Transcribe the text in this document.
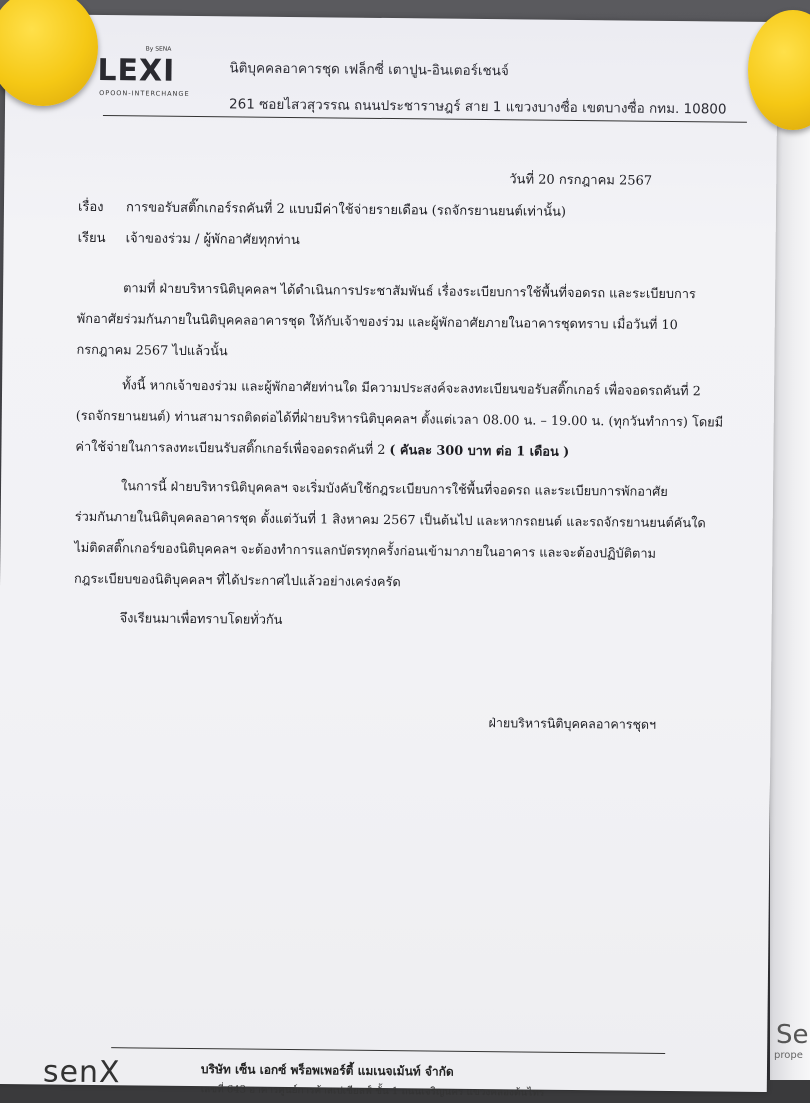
Se
prope
By SENA
LEXI
OPOON-INTERCHANGE
นิติบุคคลอาคารชุด เฟล็กซี่ เตาปูน-อินเตอร์เชนจ์
261 ซอยไสวสุวรรณ ถนนประชาราษฎร์ สาย 1 แขวงบางซื่อ เขตบางซื่อ กทม. 10800
วันที่ 20 กรกฎาคม 2567
เรื่อง การขอรับสติ๊กเกอร์รถคันที่ 2 แบบมีค่าใช้จ่ายรายเดือน (รถจักรยานยนต์เท่านั้น)
เรียน เจ้าของร่วม / ผู้พักอาศัยทุกท่าน
ตามที่ ฝ่ายบริหารนิติบุคคลฯ ได้ดำเนินการประชาสัมพันธ์ เรื่องระเบียบการใช้พื้นที่จอดรถ และระเบียบการ
พักอาศัยร่วมกันภายในนิติบุคคลอาคารชุด ให้กับเจ้าของร่วม และผู้พักอาศัยภายในอาคารชุดทราบ เมื่อวันที่ 10
กรกฎาคม 2567 ไปแล้วนั้น
ทั้งนี้ หากเจ้าของร่วม และผู้พักอาศัยท่านใด มีความประสงค์จะลงทะเบียนขอรับสติ๊กเกอร์ เพื่อจอดรถคันที่ 2
(รถจักรยานยนต์) ท่านสามารถติดต่อได้ที่ฝ่ายบริหารนิติบุคคลฯ ตั้งแต่เวลา 08.00 น. – 19.00 น. (ทุกวันทำการ) โดยมี
ค่าใช้จ่ายในการลงทะเบียนรับสติ๊กเกอร์เพื่อจอดรถคันที่ 2 ( คันละ 300 บาท ต่อ 1 เดือน )
ในการนี้ ฝ่ายบริหารนิติบุคคลฯ จะเริ่มบังคับใช้กฎระเบียบการใช้พื้นที่จอดรถ และระเบียบการพักอาศัย
ร่วมกันภายในนิติบุคคลอาคารชุด ตั้งแต่วันที่ 1 สิงหาคม 2567 เป็นต้นไป และหากรถยนต์ และรถจักรยานยนต์คันใด
ไม่ติดสติ๊กเกอร์ของนิติบุคคลฯ จะต้องทำการแลกบัตรทุกครั้งก่อนเข้ามาภายในอาคาร และจะต้องปฏิบัติตาม
กฎระเบียบของนิติบุคคลฯ ที่ได้ประกาศไปแล้วอย่างเคร่งครัด
จึงเรียนมาเพื่อทราบโดยทั่วกัน
ฝ่ายบริหารนิติบุคคลอาคารชุดฯ
senX	บริษัท เซ็น เอกซ์ พร็อพเพอร์ตี้ แมเนจเม้นท์ จำกัด
เลขที่ 643 อาคารศูนย์การค้าสเปเชียลฟ์ ชั้น 1 ถนนเจริญนคร แขวงคลองต้นไทร
